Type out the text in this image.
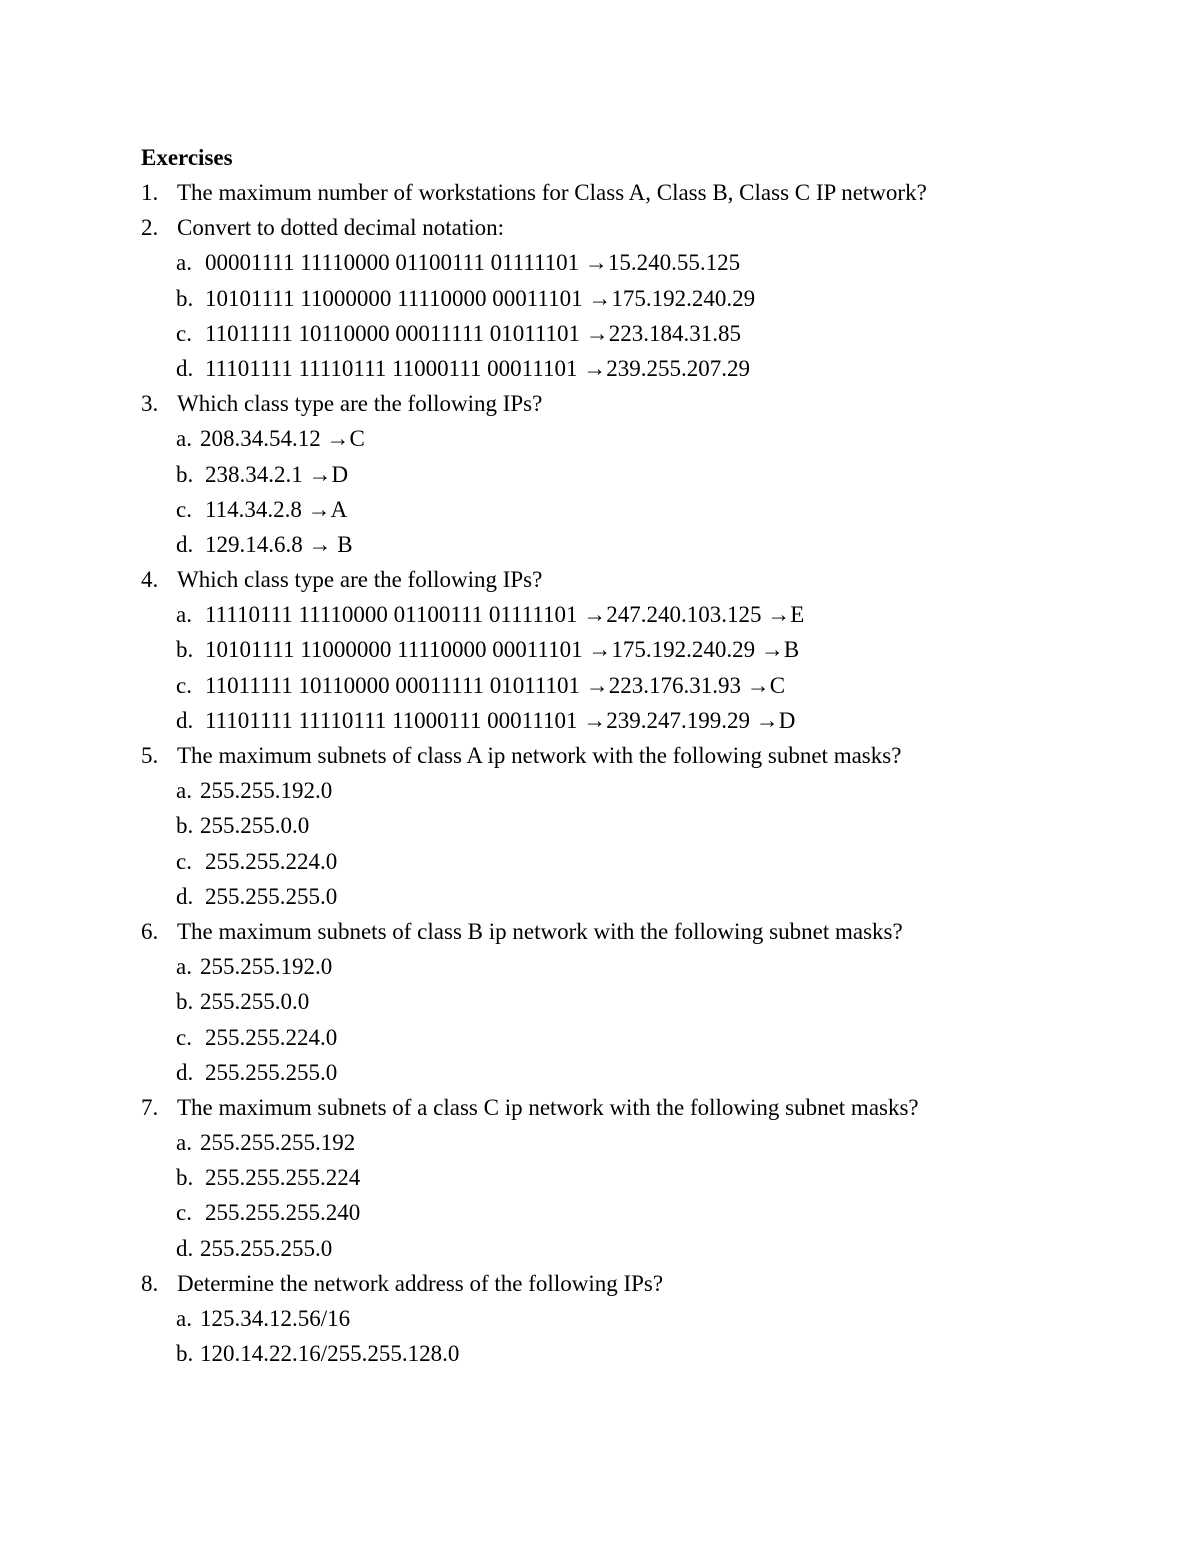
Exercises
1. The maximum number of workstations for Class A, Class B, Class C IP network?
2. Convert to dotted decimal notation:
a. 00001111 11110000 01100111 01111101 →15.240.55.125
b. 10101111 11000000 11110000 00011101 →175.192.240.29
c. 11011111 10110000 00011111 01011101 →223.184.31.85
d. 11101111 11110111 11000111 00011101 →239.255.207.29
3. Which class type are the following IPs?
a. 208.34.54.12 →C
b. 238.34.2.1 →D
c. 114.34.2.8 →A
d. 129.14.6.8 → B
4. Which class type are the following IPs?
a. 11110111 11110000 01100111 01111101 →247.240.103.125 →E
b. 10101111 11000000 11110000 00011101 →175.192.240.29 →B
c. 11011111 10110000 00011111 01011101 →223.176.31.93 →C
d. 11101111 11110111 11000111 00011101 →239.247.199.29 →D
5. The maximum subnets of class A ip network with the following subnet masks?
a. 255.255.192.0
b. 255.255.0.0
c. 255.255.224.0
d. 255.255.255.0
6. The maximum subnets of class B ip network with the following subnet masks?
a. 255.255.192.0
b. 255.255.0.0
c. 255.255.224.0
d. 255.255.255.0
7. The maximum subnets of a class C ip network with the following subnet masks?
a. 255.255.255.192
b. 255.255.255.224
c. 255.255.255.240
d. 255.255.255.0
8. Determine the network address of the following IPs?
a. 125.34.12.56/16
b. 120.14.22.16/255.255.128.0
